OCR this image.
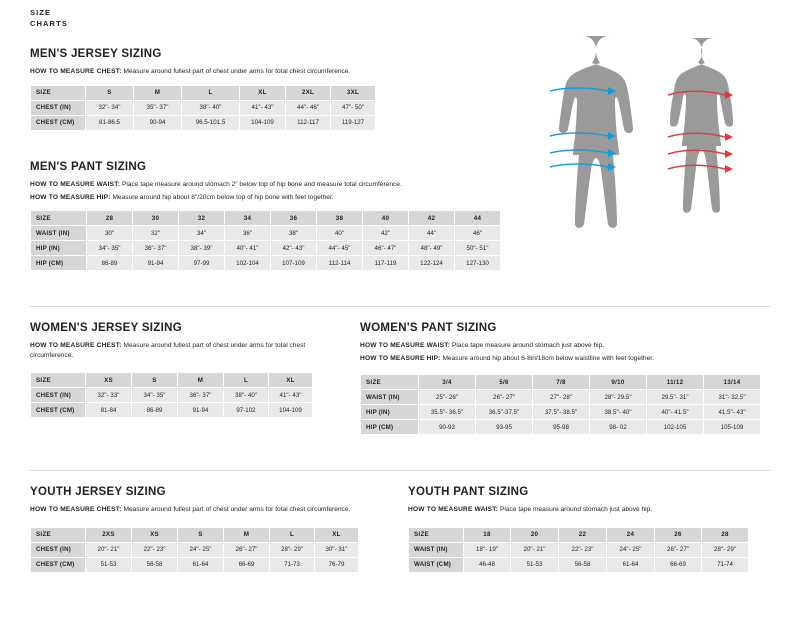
SIZE
CHARTS
MEN'S JERSEY SIZING
HOW TO MEASURE CHEST: Measure around fullest part of chest under arms for total chest circumference.
SIZE	S	M	L	XL	2XL	3XL
CHEST (IN)	32"- 34"	35"- 37"	38"- 40"	41"- 43"	44"- 46"	47"- 50"
CHEST (CM)	81-86.5	90-94	96.5-101.5	104-109	112-117	119-127
MEN'S PANT SIZING
HOW TO MEASURE WAIST: Place tape measure around stomach 2″ below top of hip bone and measure total circumference.
HOW TO MEASURE HIP: Measure around hip about 8″/20cm below top of hip bone with feet together.
SIZE	28	30	32	34	36	38	40	42	44
WAIST (IN)	30"	32"	34"	36"	38"	40"	42"	44"	46"
HIP (IN)	34"- 35"	36"- 37"	38"- 39"	40"- 41"	42"- 43"	44"- 45"	46"- 47"	48"- 49"	50"- 51"
HIP (CM)	86-89	91-94	97-99	102-104	107-109	112-114	117-119	122-124	127-130
WOMEN'S JERSEY SIZING
HOW TO MEASURE CHEST: Measure around fullest part of chest under arms for total chest circumference.
SIZE	XS	S	M	L	XL
CHEST (IN)	32"- 33"	34"- 35"	36"- 37"	38"- 40"	41"- 43"
CHEST (CM)	81-84	86-89	91-94	97-102	104-109
WOMEN'S PANT SIZING
HOW TO MEASURE WAIST: Place tape measure around stomach just above hip.
HOW TO MEASURE HIP: Measure around hip about 6-8in/18cm below waistline with feet together.
SIZE	3/4	5/6	7/8	9/10	11/12	13/14
WAIST (IN)	25"- 26"	26"- 27"	27"- 28"	28"- 29.5"	29.5"- 31"	31"- 32.5"
HIP (IN)	35.5"- 36.5"	36.5"-37.5"	37.5"- 38.5"	38.5"- 40"	40"- 41.5"	41.5"- 43"
HIP (CM)	90-93	93-95	95-98	98- 02	102-105	105-109
YOUTH JERSEY SIZING
HOW TO MEASURE CHEST: Measure around fullest part of chest under arms for total chest circumference.
SIZE	2XS	XS	S	M	L	XL
CHEST (IN)	20"- 21"	22"- 23"	24"- 25"	26"- 27"	28"- 29"	30"- 31"
CHEST (CM)	51-53	56-58	61-64	66-69	71-73	76-79
YOUTH PANT SIZING
HOW TO MEASURE WAIST: Place tape measure around stomach just above hip.
SIZE	18	20	22	24	26	28
WAIST (IN)	18"- 19"	20"- 21"	22"- 23"	24"- 25"	26"- 27"	28"- 29"
WAIST (CM)	46-48	51-53	56-58	61-64	66-69	71-74
